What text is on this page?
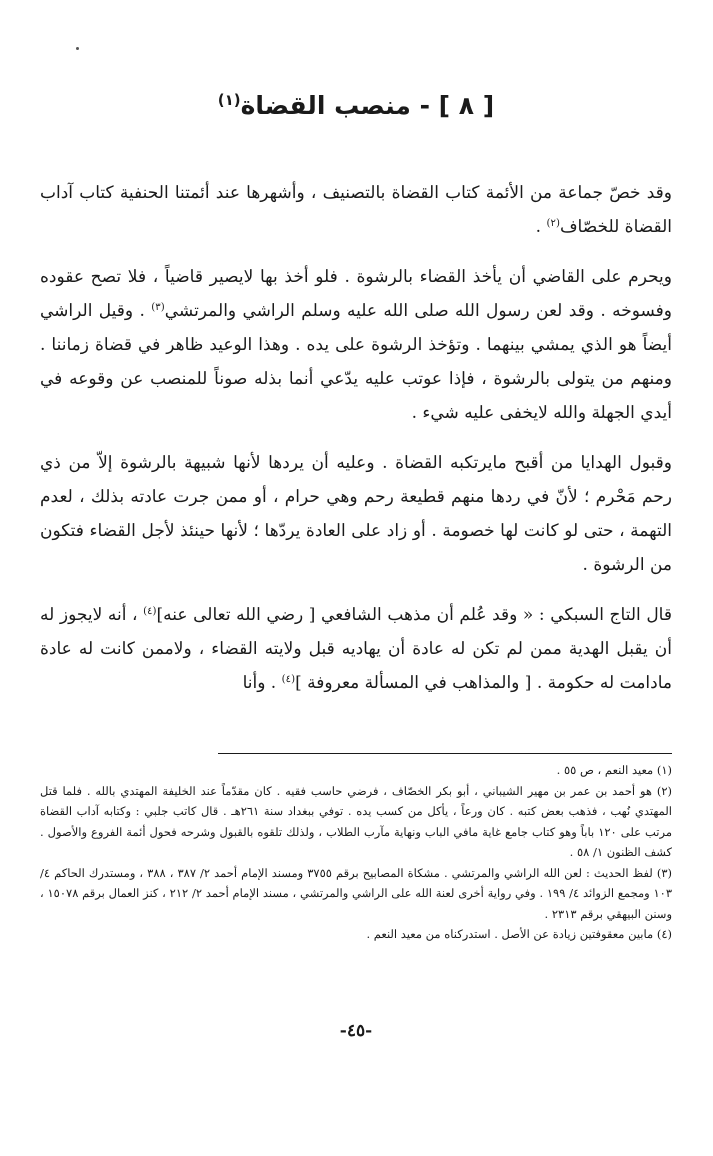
[ ٨ ] - منصب القضاة$^{(١)}$

وقد خصّ جماعة من الأئمة كتاب القضاة بالتصنيف ، وأشهرها عند أئمتنا الحنفية كتاب آداب القضاة للخصّاف$^{(٢)}$ .

ويحرم على القاضي أن يأخذ القضاء بالرشوة . فلو أخذ بها لايصير قاضياً ، فلا تصح عقوده وفسوخه . وقد لعن رسول الله صلى الله عليه وسلم الراشي والمرتشي$^{(٣)}$ . وقيل الراشي أيضاً هو الذي يمشي بينهما . وتؤخذ الرشوة على يده . وهذا الوعيد ظاهر في قضاة زماننا . ومنهم من يتولى بالرشوة ، فإذا عوتب عليه يدّعي أنما بذله صوناً للمنصب عن وقوعه في أيدي الجهلة والله لايخفى عليه شيء .

وقبول الهدايا من أقبح مايرتكبه القضاة . وعليه أن يردها لأنها شبيهة بالرشوة إلاّ من ذي رحم مَحْرم ؛ لأنّ في ردها منهم قطيعة رحم وهي حرام ، أو ممن جرت عادته بذلك ، لعدم التهمة ، حتى لو كانت لها خصومة . أو زاد على العادة يردّها ؛ لأنها حينئذ لأجل القضاء فتكون من الرشوة .

قال التاج السبكي : « وقد عُلم أن مذهب الشافعي [ رضي الله تعالى عنه]$^{(٤)}$ ، أنه لايجوز له أن يقبل الهدية ممن لم تكن له عادة أن يهاديه قبل ولايته القضاء ، ولاممن كانت له عادة مادامت له حكومة . [ والمذاهب في المسألة معروفة ]$^{(٤)}$ . وأنا

(١) معيد النعم ، ص ٥٥ .

(٢) هو أحمد بن عمر بن مهير الشيباني ، أبو بكر الخصّاف ، فرضي حاسب فقيه . كان مقدّماً عند الخليفة المهتدي بالله . فلما قتل المهتدي نُهب ، فذهب بعض كتبه . كان ورعاً ، يأكل من كسب يده . توفي ببغداد سنة ٢٦١هـ . قال كاتب جلبي : وكتابه آداب القضاة مرتب على ١٢٠ باباً وهو كتاب جامع غاية مافي الباب ونهاية مآرب الطلاب ، ولذلك تلقوه بالقبول وشرحه فحول أئمة الفروع والأصول . كشف الظنون ١/ ٥٨ .

(٣) لفظ الحديث : لعن الله الراشي والمرتشي . مشكاة المصابيح برقم ٣٧٥٥ ومسند الإمام أحمد ٢/ ٣٨٧ ، ٣٨٨ ، ومستدرك الحاكم ٤/ ١٠٣ ومجمع الزوائد ٤/ ١٩٩ . وفي رواية أخرى لعنة الله على الراشي والمرتشي ، مسند الإمام أحمد ٢/ ٢١٢ ، كنز العمال برقم ١٥٠٧٨ ، وسنن البيهقي برقم ٢٣١٣ .

(٤) مابين معقوفتين زيادة عن الأصل . استدركناه من معيد النعم .

-٤٥-
